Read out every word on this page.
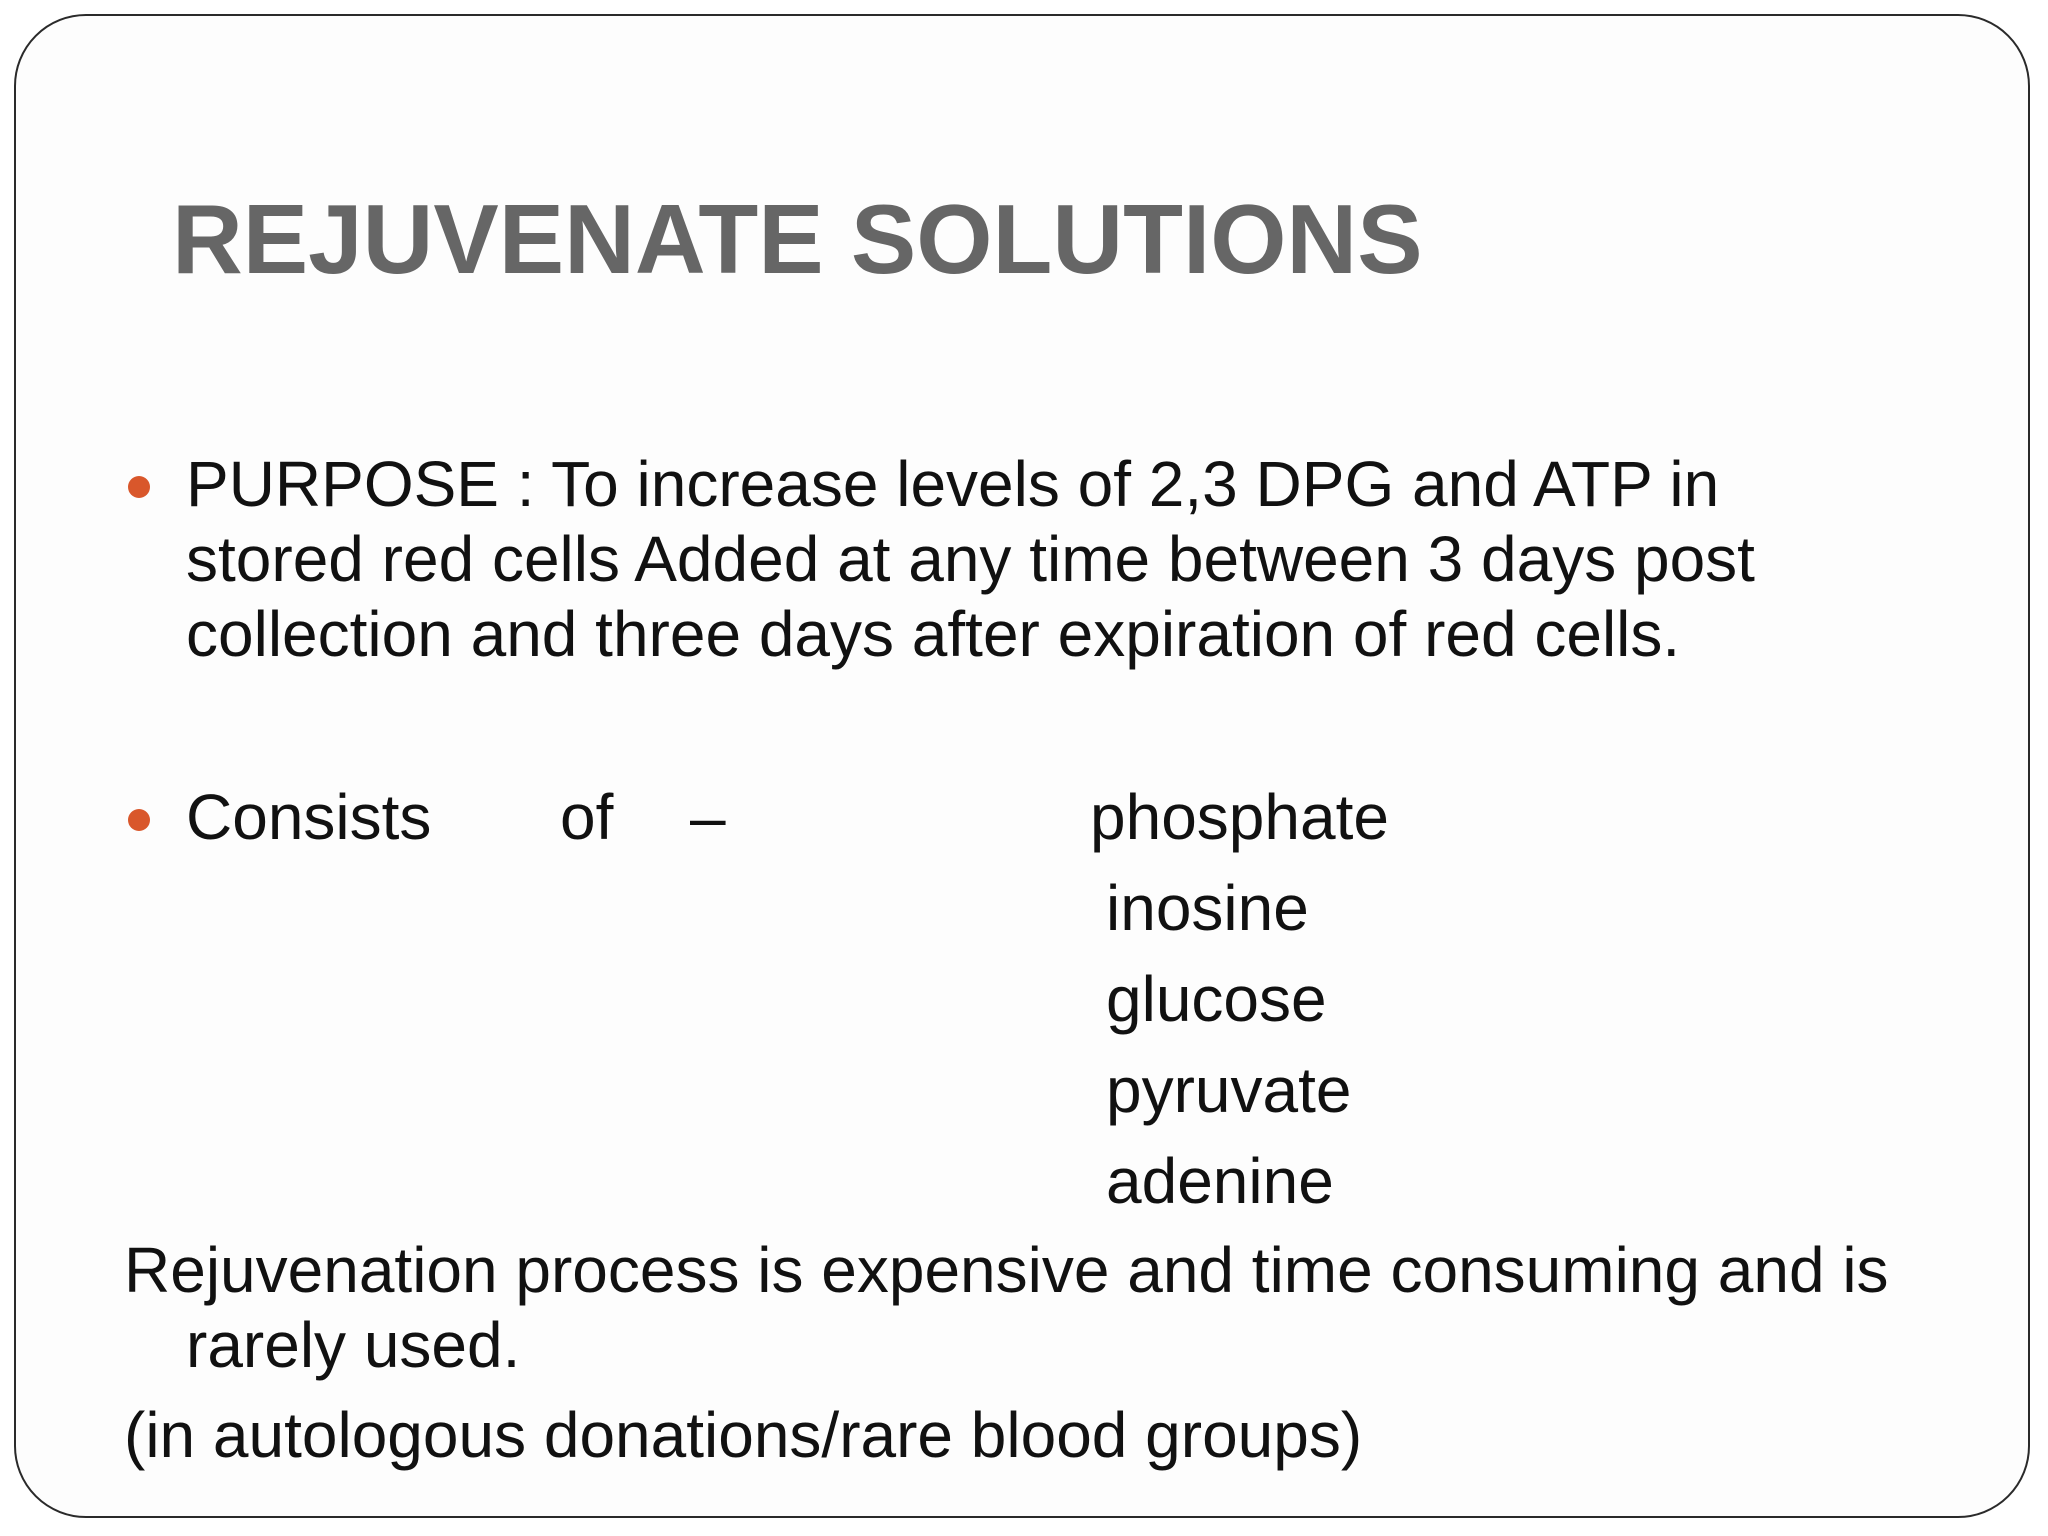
REJUVENATE SOLUTIONS
PURPOSE : To increase levels of 2,3 DPG and ATP in
stored red cells Added at any time between 3 days post
collection and three days after expiration of red cells.
Consists of –	phosphate
inosine
glucose
pyruvate
adenine
Rejuvenation process is expensive and time consuming and is
rarely used.
(in autologous donations/rare blood groups)
